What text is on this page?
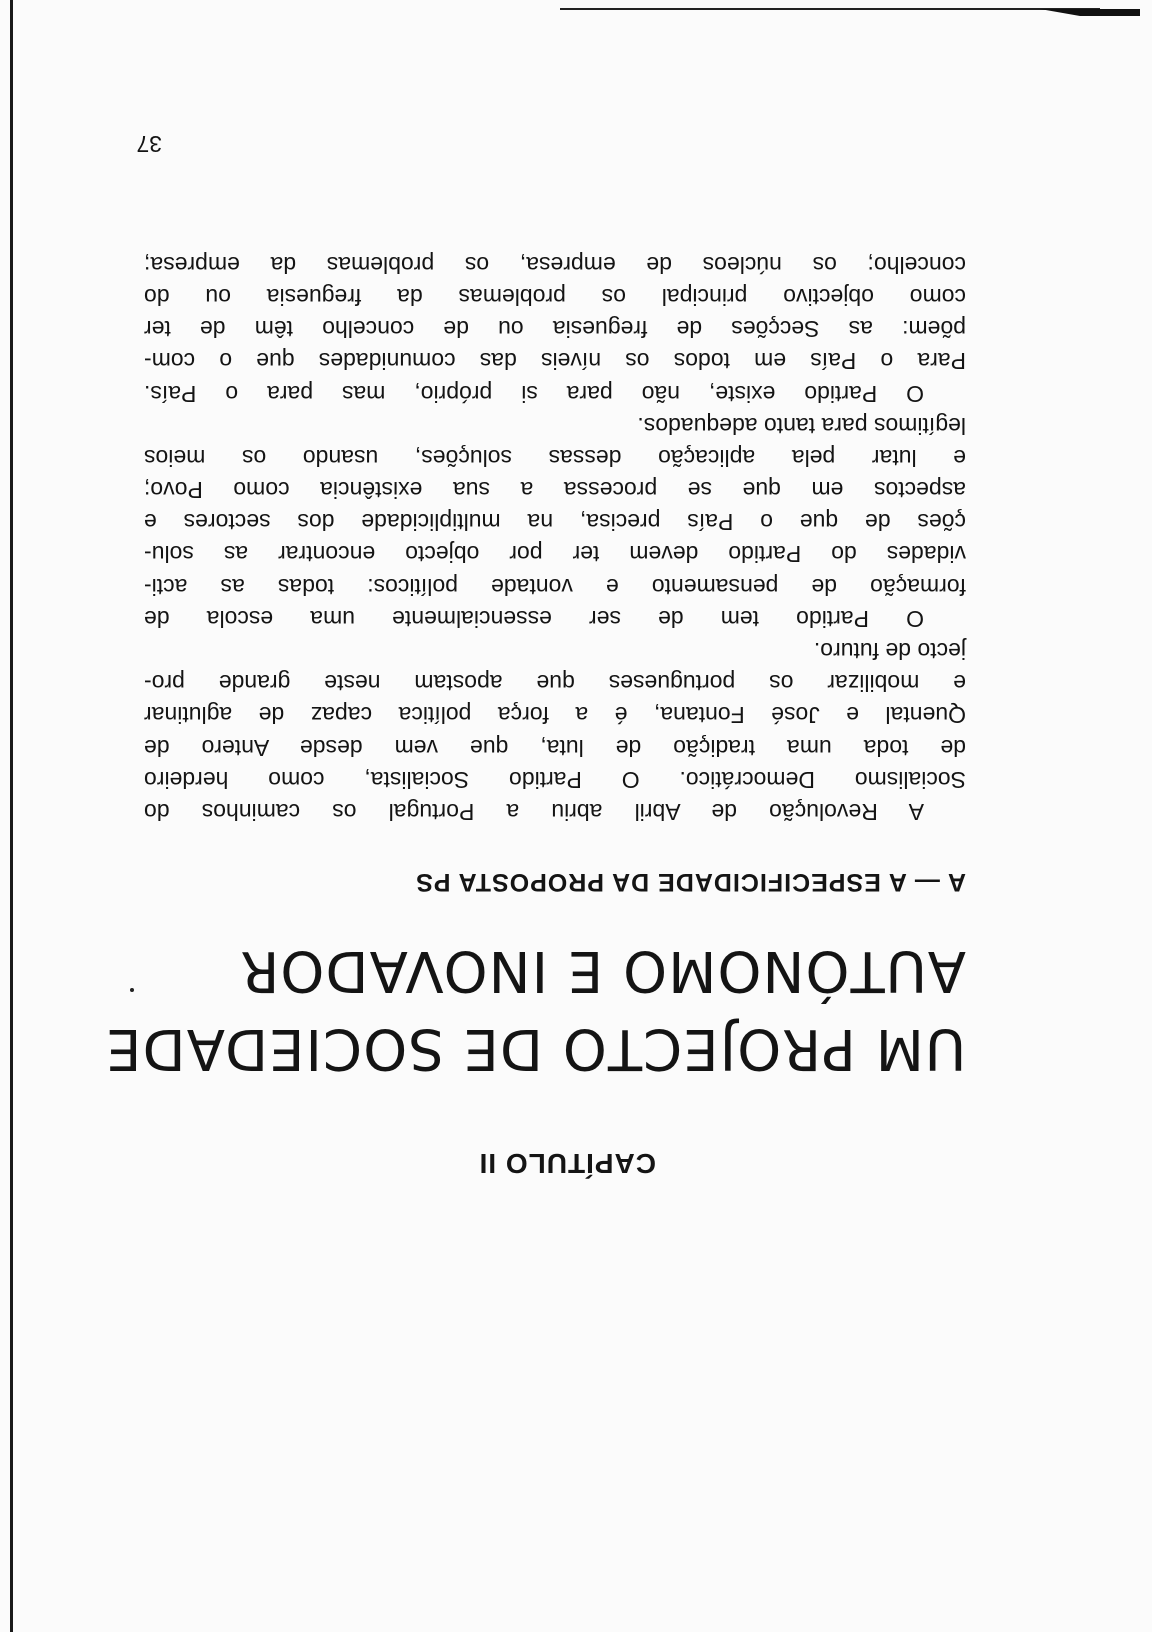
CAPÍTULO II
UM PROJECTO DE SOCIEDADE
AUTÓNOMO E INOVADOR
A — A ESPECIFICIDADE DA PROPOSTA PS
A Revolução de Abril abriu a Portugal os caminhos do
Socialismo Democrático. O Partido Socialista, como herdeiro
de toda uma tradição de luta, que vem desde Antero de
Quental e José Fontana, é a força política capaz de aglutinar
e mobilizar os portugueses que apostam neste grande pro-
jecto de futuro.
O Partido tem de ser essencialmente uma escola de
formação de pensamento e vontade políticos: todas as acti-
vidades do Partido devem ter por objecto encontrar as solu-
ções de que o País precisa, na multiplicidade dos sectores e
aspectos em que se processa a sua existência como Povo;
e lutar pela aplicação dessas soluções, usando os meios
legítimos para tanto adequados.
O Partido existe, não para si próprio, mas para o País.
Para o País em todos os níveis das comunidades que o com-
põem: as Secções de freguesia ou de concelho têm de ter
como objectivo principal os problemas da freguesia ou do
concelho; os núcleos de empresa, os problemas da empresa;
37
